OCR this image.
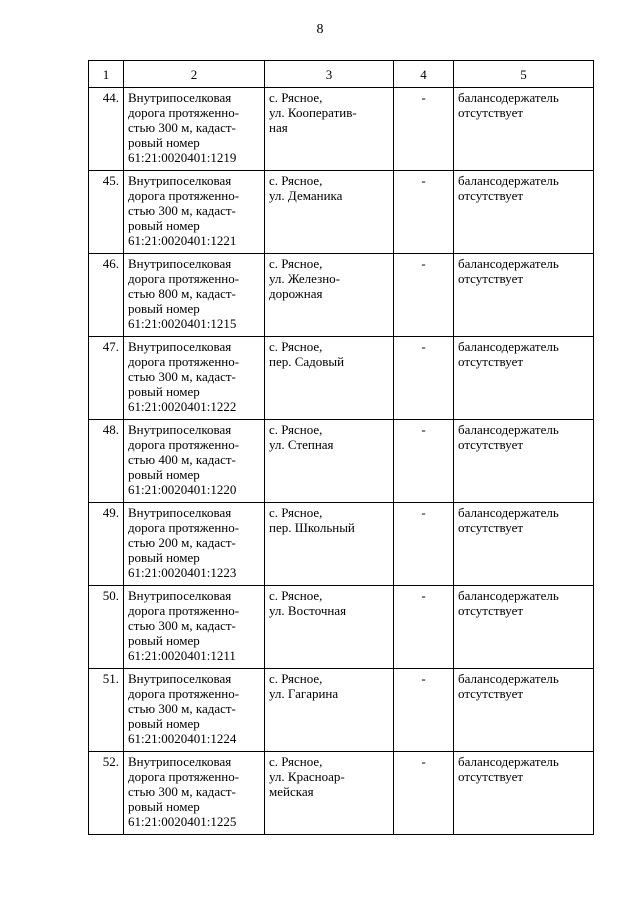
8
1	2	3	4	5
44.	Внутрипоселковая
дорога протяженно-
стью 300 м, кадаст-
ровый номер
61:21:0020401:1219	с. Рясное,
ул. Кооператив-
ная	-	балансодержатель
отсутствует

45.	Внутрипоселковая
дорога протяженно-
стью 300 м, кадаст-
ровый номер
61:21:0020401:1221	с. Рясное,
ул. Деманика	-	балансодержатель
отсутствует

46.	Внутрипоселковая
дорога протяженно-
стью 800 м, кадаст-
ровый номер
61:21:0020401:1215	с. Рясное,
ул. Железно-
дорожная	-	балансодержатель
отсутствует

47.	Внутрипоселковая
дорога протяженно-
стью 300 м, кадаст-
ровый номер
61:21:0020401:1222	с. Рясное,
пер. Садовый	-	балансодержатель
отсутствует

48.	Внутрипоселковая
дорога протяженно-
стью 400 м, кадаст-
ровый номер
61:21:0020401:1220	с. Рясное,
ул. Степная	-	балансодержатель
отсутствует

49.	Внутрипоселковая
дорога протяженно-
стью 200 м, кадаст-
ровый номер
61:21:0020401:1223	с. Рясное,
пер. Школьный	-	балансодержатель
отсутствует

50.	Внутрипоселковая
дорога протяженно-
стью 300 м, кадаст-
ровый номер
61:21:0020401:1211	с. Рясное,
ул. Восточная	-	балансодержатель
отсутствует

51.	Внутрипоселковая
дорога протяженно-
стью 300 м, кадаст-
ровый номер
61:21:0020401:1224	с. Рясное,
ул. Гагарина	-	балансодержатель
отсутствует

52.	Внутрипоселковая
дорога протяженно-
стью 300 м, кадаст-
ровый номер
61:21:0020401:1225	с. Рясное,
ул. Красноар-
мейская	-	балансодержатель
отсутствует
